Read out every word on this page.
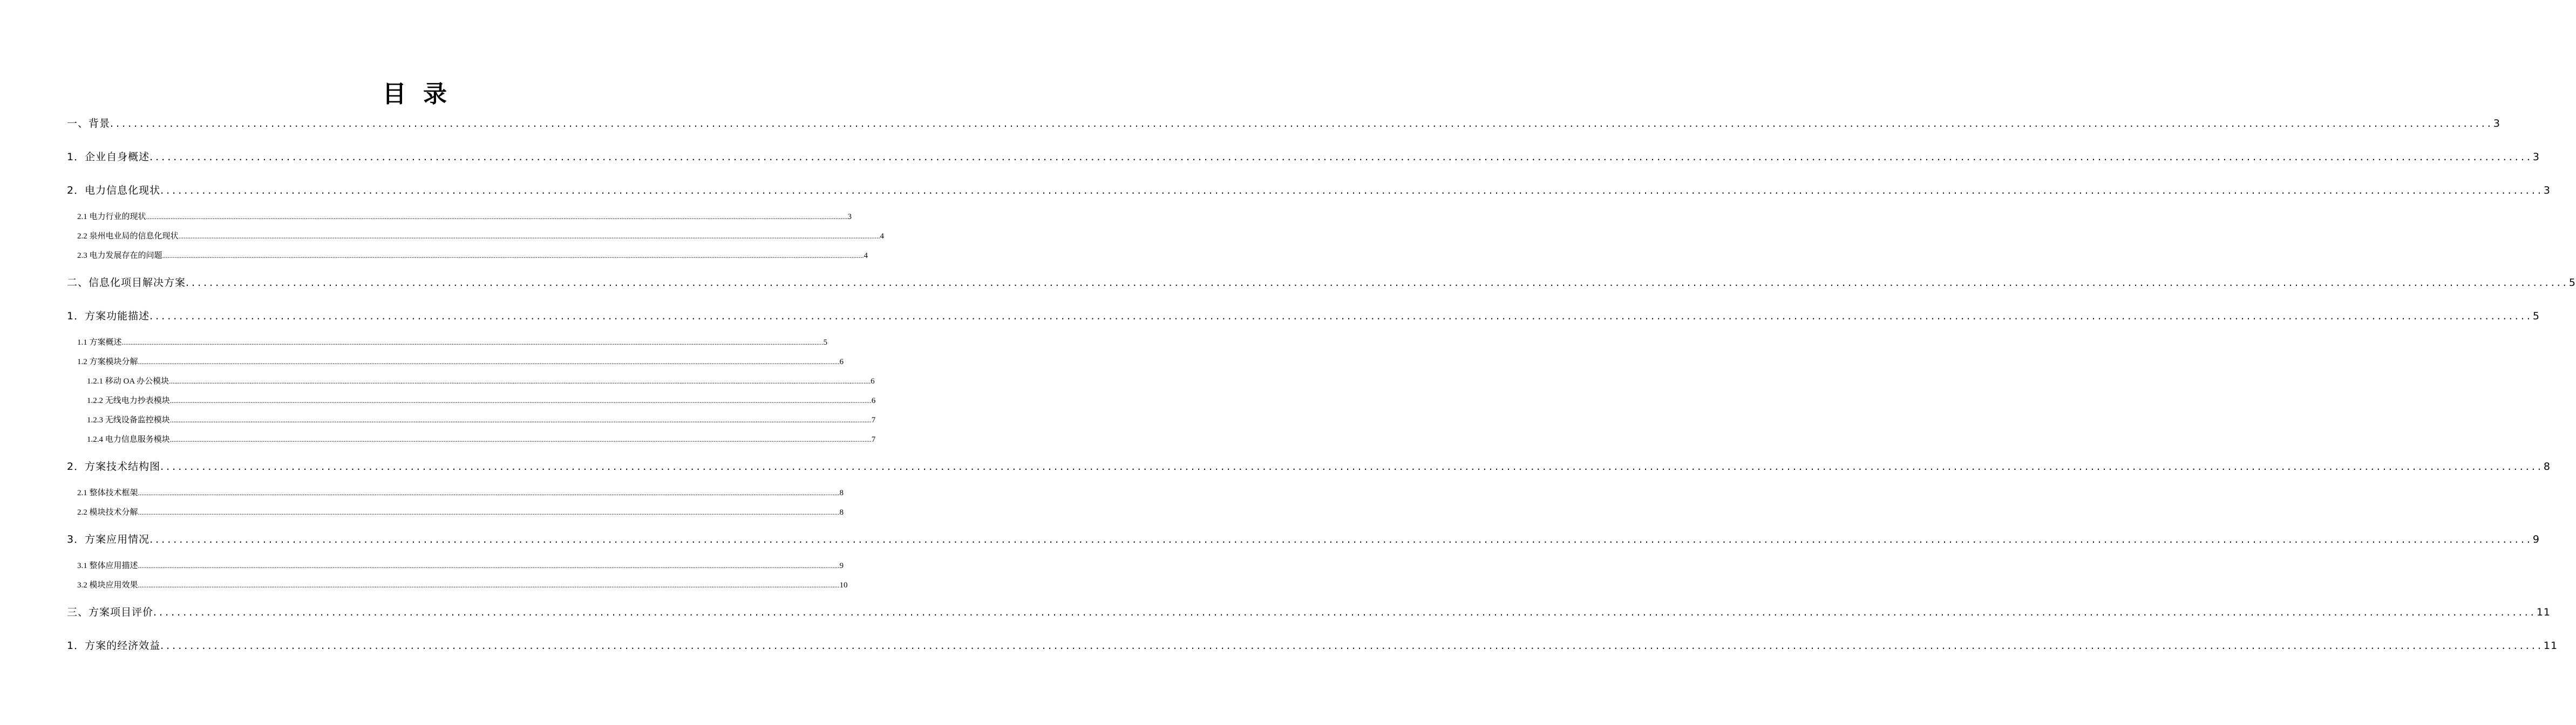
目 录
一、背景 ................................................................................................................................................................................................................................................................................................................................................................................................................ 3
1．企业自身概述 ................................................................................................................................................................................................................................................................................................................................................................................................................ 3
2．电力信息化现状 ................................................................................................................................................................................................................................................................................................................................................................................................................ 3
2.1 电力行业的现状 ................................................................................................................................................................................................................................................................................................................................................................................................................ 3
2.2 泉州电业局的信息化现状 ................................................................................................................................................................................................................................................................................................................................................................................................................ 4
2.3 电力发展存在的问题 ................................................................................................................................................................................................................................................................................................................................................................................................................ 4
二、信息化项目解决方案 ................................................................................................................................................................................................................................................................................................................................................................................................................ 5
1．方案功能描述 ................................................................................................................................................................................................................................................................................................................................................................................................................ 5
1.1 方案概述 ................................................................................................................................................................................................................................................................................................................................................................................................................ 5
1.2 方案模块分解 ................................................................................................................................................................................................................................................................................................................................................................................................................ 6
1.2.1 移动 OA 办公模块 ................................................................................................................................................................................................................................................................................................................................................................................................................ 6
1.2.2 无线电力抄表模块 ................................................................................................................................................................................................................................................................................................................................................................................................................ 6
1.2.3 无线设备监控模块 ................................................................................................................................................................................................................................................................................................................................................................................................................ 7
1.2.4 电力信息服务模块 ................................................................................................................................................................................................................................................................................................................................................................................................................ 7
2．方案技术结构图 ................................................................................................................................................................................................................................................................................................................................................................................................................ 8
2.1 整体技术框架 ................................................................................................................................................................................................................................................................................................................................................................................................................ 8
2.2 模块技术分解 ................................................................................................................................................................................................................................................................................................................................................................................................................ 8
3．方案应用情况 ................................................................................................................................................................................................................................................................................................................................................................................................................ 9
3.1 整体应用描述 ................................................................................................................................................................................................................................................................................................................................................................................................................ 9
3.2 模块应用效果 ................................................................................................................................................................................................................................................................................................................................................................................................................ 10
三、方案项目评价 ................................................................................................................................................................................................................................................................................................................................................................................................................ 11
1．方案的经济效益 ................................................................................................................................................................................................................................................................................................................................................................................................................ 11
